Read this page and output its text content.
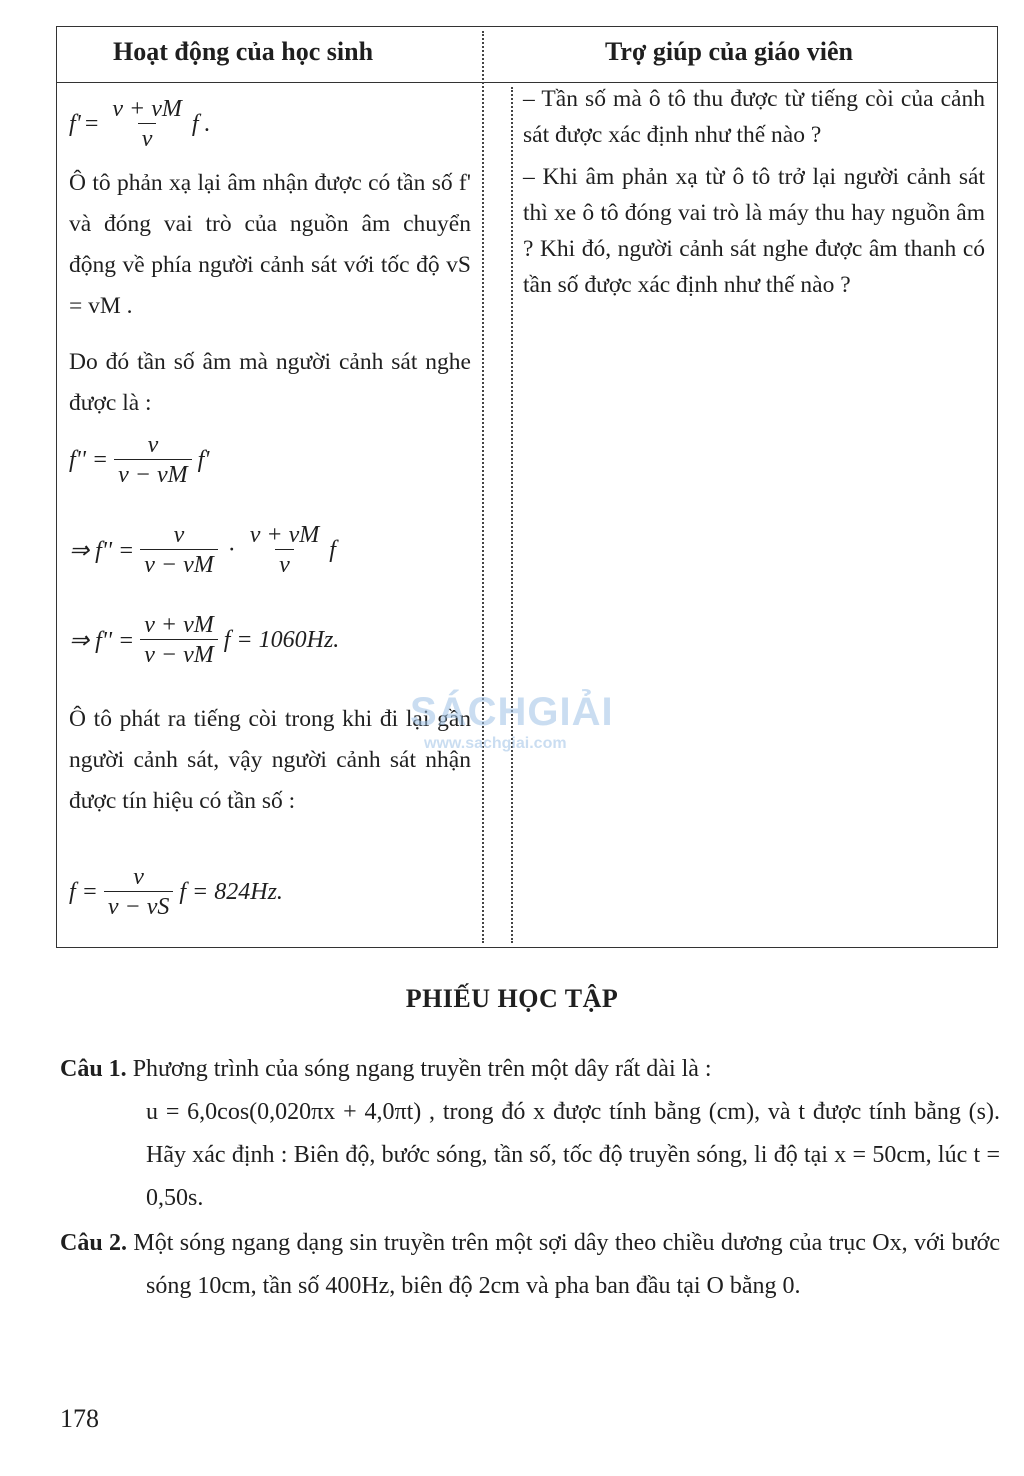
Hoạt động của học sinh	Trợ giúp của giáo viên
$f' = \frac{v + vM}{v}$ f .

Ô tô phản xạ lại âm nhận được có tần số f' và đóng vai trò của nguồn âm chuyển động về phía người cảnh sát với tốc độ vS = vM .

Do đó tần số âm mà người cảnh sát nghe được là :

$f'' = \frac{v}{v - vM} f'$
⇒ $f'' = \frac{v}{v - vM} \cdot \frac{v + vM}{v}$ f
⇒ $f'' = \frac{v + vM}{v - vM}$ f = 1060Hz.

Ô tô phát ra tiếng còi trong khi đi lại gần người cảnh sát, vậy người cảnh sát nhận được tín hiệu có tần số :

$f = \frac{v}{v - vS}$ f = 824Hz.

– Tần số mà ô tô thu được từ tiếng còi của cảnh sát được xác định như thế nào ?

– Khi âm phản xạ từ ô tô trở lại người cảnh sát thì xe ô tô đóng vai trò là máy thu hay nguồn âm ? Khi đó, người cảnh sát nghe được âm thanh có tần số được xác định như thế nào ?

SÁCHGIẢI
www.sachgiai.com
PHIẾU HỌC TẬP

Câu 1. Phương trình của sóng ngang truyền trên một dây rất dài là :

u = 6,0cos(0,020πx + 4,0πt) , trong đó x được tính bằng (cm), và t được tính bằng (s). Hãy xác định : Biên độ, bước sóng, tần số, tốc độ truyền sóng, li độ tại x = 50cm, lúc t = 0,50s.

Câu 2. Một sóng ngang dạng sin truyền trên một sợi dây theo chiều dương của trục Ox, với bước sóng 10cm, tần số 400Hz, biên độ 2cm và pha ban đầu tại O bằng 0.

178
